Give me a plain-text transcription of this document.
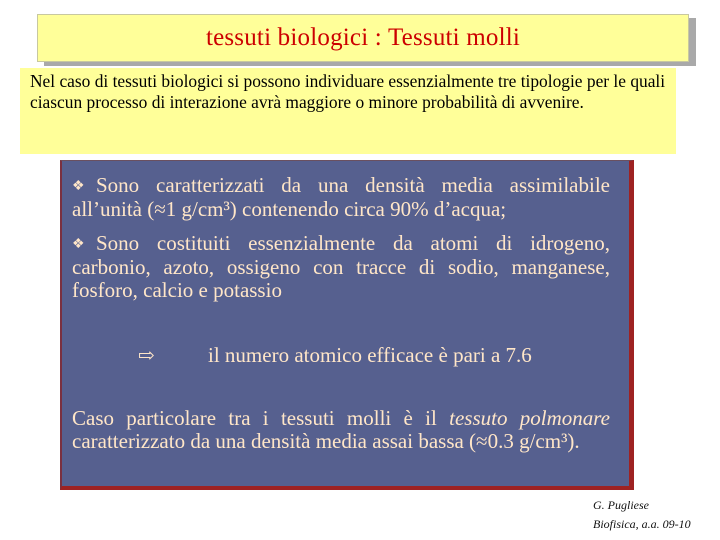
tessuti biologici : Tessuti molli
Nel caso di tessuti biologici si possono individuare essenzialmente tre tipologie per le quali ciascun processo di interazione avrà maggiore o minore probabilità di avvenire.
❖ Sono caratterizzati da una densità media assimilabile all’unità (≈1 g/cm³) contenendo circa 90% d’acqua;
❖ Sono costituiti essenzialmente da atomi di idrogeno, carbonio, azoto, ossigeno con tracce di sodio, manganese, fosforo, calcio e potassio
⇨	il numero atomico efficace è pari a 7.6
Caso particolare tra i tessuti molli è il tessuto polmonare caratterizzato da una densità media assai bassa (≈0.3 g/cm³).
G. Pugliese
Biofisica, a.a. 09-10
